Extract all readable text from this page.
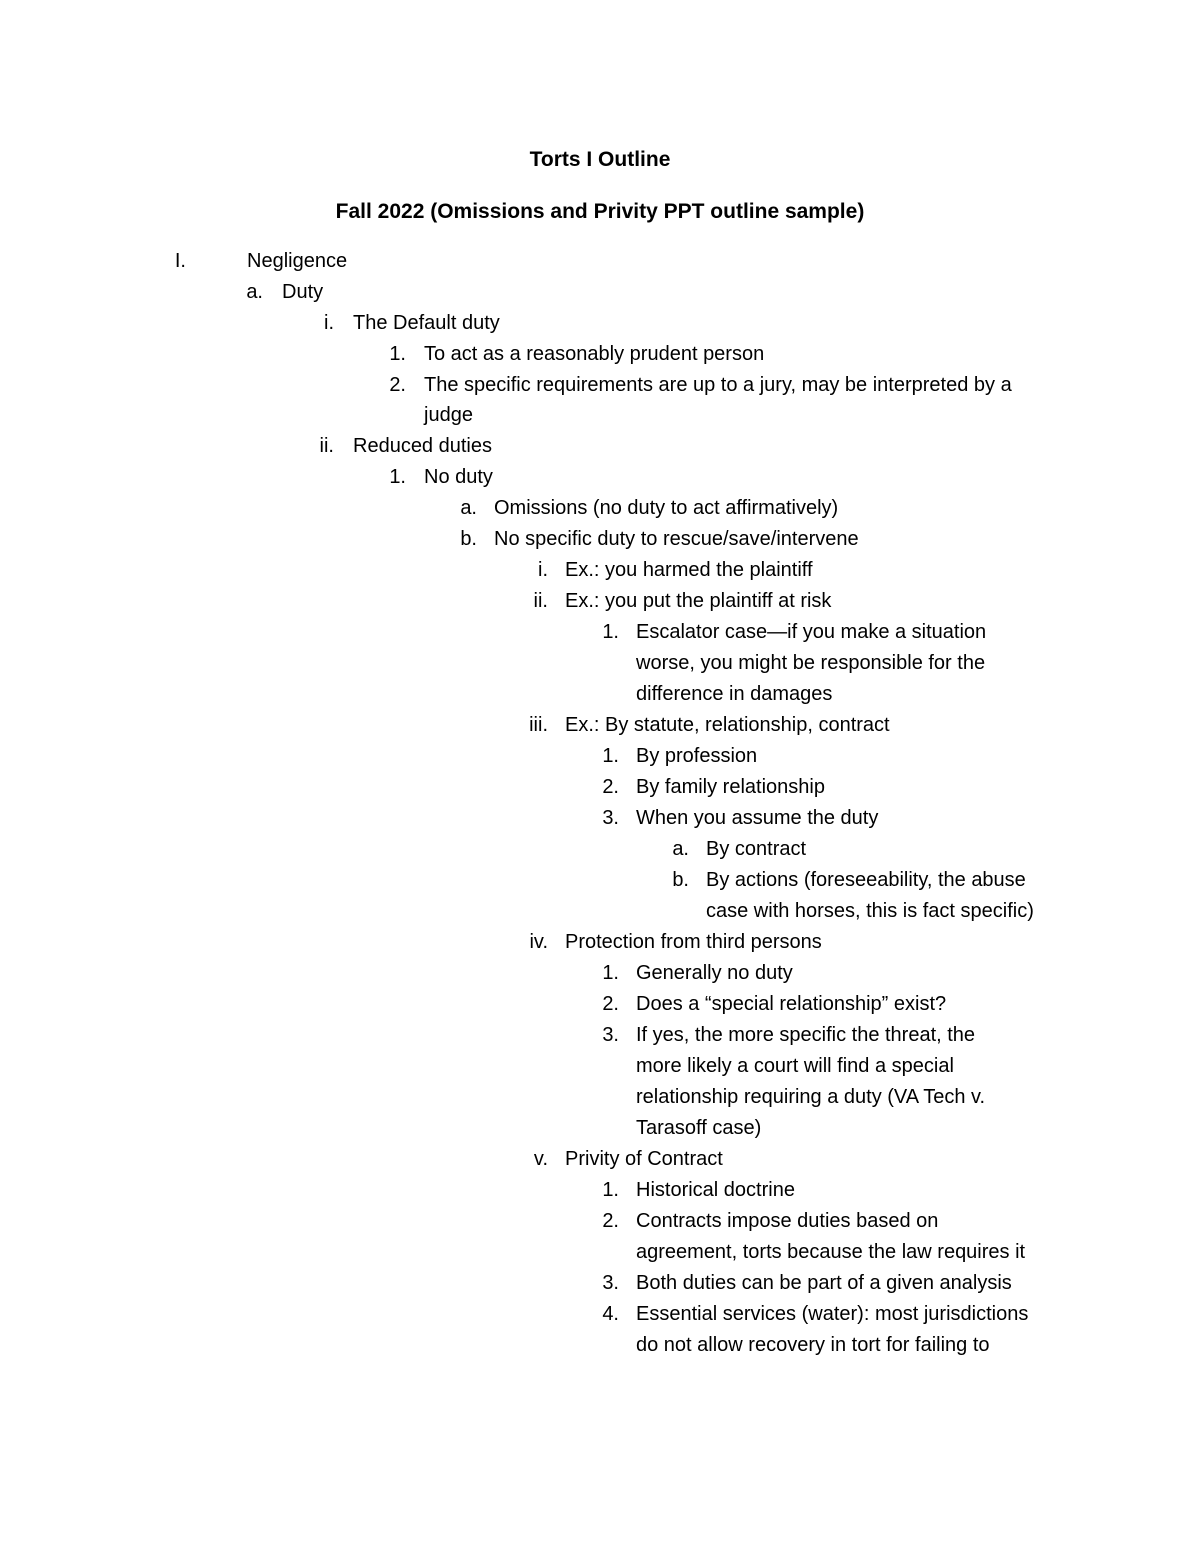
Torts I Outline
Fall 2022 (Omissions and Privity PPT outline sample)
I.	Negligence
a. Duty
i. The Default duty
1. To act as a reasonably prudent person
2. The specific requirements are up to a jury, may be interpreted by a
judge
ii. Reduced duties
1. No duty
a. Omissions (no duty to act affirmatively)
b. No specific duty to rescue/save/intervene
i. Ex.: you harmed the plaintiff
ii. Ex.: you put the plaintiff at risk
1. Escalator case—if you make a situation
worse, you might be responsible for the
difference in damages
iii. Ex.: By statute, relationship, contract
1. By profession
2. By family relationship
3. When you assume the duty
a. By contract
b. By actions (foreseeability, the abuse
case with horses, this is fact specific)
iv. Protection from third persons
1. Generally no duty
2. Does a “special relationship” exist?
3. If yes, the more specific the threat, the
more likely a court will find a special
relationship requiring a duty (VA Tech v.
Tarasoff case)
v. Privity of Contract
1. Historical doctrine
2. Contracts impose duties based on
agreement, torts because the law requires it
3. Both duties can be part of a given analysis
4. Essential services (water): most jurisdictions
do not allow recovery in tort for failing to
